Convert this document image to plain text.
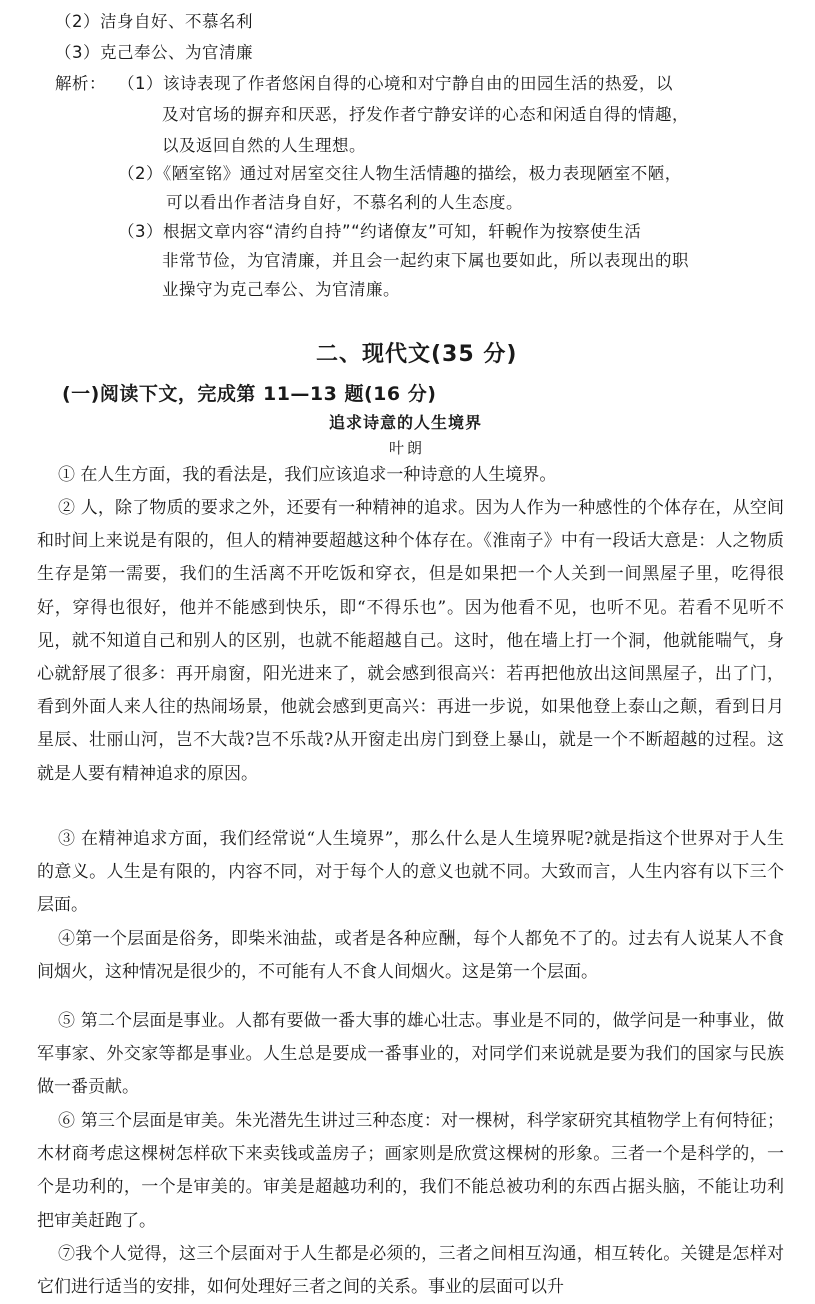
（2）洁身自好、不慕名利
（3）克己奉公、为官清廉
解析： （1）该诗表现了作者悠闲自得的心境和对宁静自由的田园生活的热爱，以
及对官场的摒弃和厌恶，抒发作者宁静安详的心态和闲适自得的情趣，
以及返回自然的人生理想。
（2）《陋室铭》通过对居室交往人物生活情趣的描绘，极力表现陋室不陋，
可以看出作者洁身自好，不慕名利的人生态度。
（3）根据文章内容“清约自持”“约诸僚友”可知，轩輗作为按察使生活
非常节俭，为官清廉，并且会一起约束下属也要如此，所以表现出的职
业操守为克己奉公、为官清廉。
二、现代文(35 分)
(一)阅读下文，完成第 11—13 题(16 分)
追求诗意的人生境界
叶朗

① 在人生方面，我的看法是，我们应该追求一种诗意的人生境界。

② 人，除了物质的要求之外，还要有一种精神的追求。因为人作为一种感性的个体存在，从空间和时间上来说是有限的，但人的精神要超越这种个体存在。《淮南子》中有一段话大意是：人之物质生存是第一需要，我们的生活离不开吃饭和穿衣，但是如果把一个人关到一间黑屋子里，吃得很好，穿得也很好，他并不能感到快乐，即“不得乐也”。因为他看不见，也听不见。若看不见听不见，就不知道自己和别人的区别，也就不能超越自己。这时，他在墙上打一个洞，他就能喘气，身心就舒展了很多：再开扇窗，阳光进来了，就会感到很高兴：若再把他放出这间黑屋子，出了门，看到外面人来人往的热闹场景，他就会感到更高兴：再进一步说，如果他登上泰山之颠，看到日月星辰、壮丽山河，岂不大哉?岂不乐哉?从开窗走出房门到登上暴山，就是一个不断超越的过程。这就是人要有精神追求的原因。

③ 在精神追求方面，我们经常说“人生境界”，那么什么是人生境界呢?就是指这个世界对于人生的意义。人生是有限的，内容不同，对于每个人的意义也就不同。大致而言，人生内容有以下三个层面。

④第一个层面是俗务，即柴米油盐，或者是各种应酬，每个人都免不了的。过去有人说某人不食间烟火，这种情况是很少的，不可能有人不食人间烟火。这是第一个层面。

⑤ 第二个层面是事业。人都有要做一番大事的雄心壮志。事业是不同的，做学问是一种事业，做军事家、外交家等都是事业。人生总是要成一番事业的，对同学们来说就是要为我们的国家与民族做一番贡献。

⑥ 第三个层面是审美。朱光潜先生讲过三种态度：对一棵树，科学家研究其植物学上有何特征；木材商考虑这棵树怎样砍下来卖钱或盖房子；画家则是欣赏这棵树的形象。三者一个是科学的，一个是功利的，一个是审美的。审美是超越功利的，我们不能总被功利的东西占据头脑，不能让功利把审美赶跑了。

⑦我个人觉得，这三个层面对于人生都是必须的，三者之间相互沟通，相互转化。关键是怎样对它们进行适当的安排，如何处理好三者之间的关系。事业的层面可以升
